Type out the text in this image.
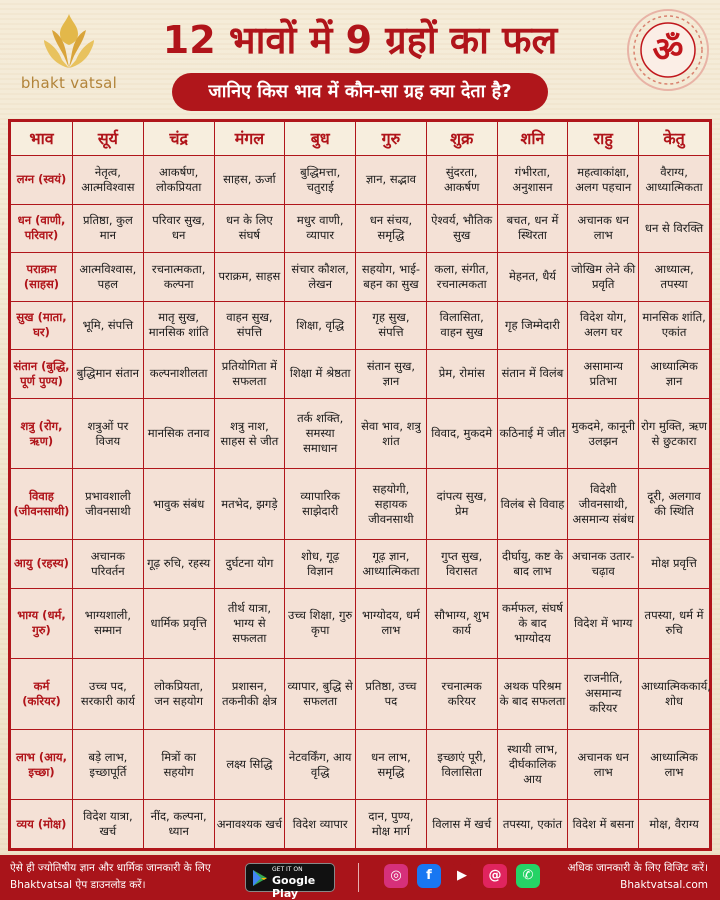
bhakt vatsal
12 भावों में 9 ग्रहों का फल
जानिए किस भाव में कौन-सा ग्रह क्या देता है?
ॐ
भाव	सूर्य	चंद्र	मंगल	बुध	गुरु	शुक्र	शनि	राहु	केतु
लग्न (स्वयं)	नेतृत्व, आत्मविश्वास	आकर्षण, लोकप्रियता	साहस, ऊर्जा	बुद्धिमत्ता, चतुराई	ज्ञान, सद्भाव	सुंदरता, आकर्षण	गंभीरता, अनुशासन	महत्वाकांक्षा, अलग पहचान	वैराग्य, आध्यात्मिकता
धन (वाणी, परिवार)	प्रतिष्ठा, कुल मान	परिवार सुख, धन	धन के लिए संघर्ष	मधुर वाणी, व्यापार	धन संचय, समृद्धि	ऐश्वर्य, भौतिक सुख	बचत, धन में स्थिरता	अचानक धन लाभ	धन से विरक्ति
पराक्रम (साहस)	आत्मविश्वास, पहल	रचनात्मकता, कल्पना	पराक्रम, साहस	संचार कौशल, लेखन	सहयोग, भाई-बहन का सुख	कला, संगीत, रचनात्मकता	मेहनत, धैर्य	जोखिम लेने की प्रवृति	आध्यात्म, तपस्या
सुख (माता, घर)	भूमि, संपत्ति	मातृ सुख, मानसिक शांति	वाहन सुख, संपत्ति	शिक्षा, वृद्धि	गृह सुख, संपत्ति	विलासिता, वाहन सुख	गृह जिम्मेदारी	विदेश योग, अलग घर	मानसिक शांति, एकांत
संतान (बुद्धि, पूर्ण पुण्य)	बुद्धिमान संतान	कल्पनाशीलता	प्रतियोगिता में सफलता	शिक्षा में श्रेष्ठता	संतान सुख, ज्ञान	प्रेम, रोमांस	संतान में विलंब	असामान्य प्रतिभा	आध्यात्मिक ज्ञान
शत्रु (रोग, ऋण)	शत्रुओं पर विजय	मानसिक तनाव	शत्रु नाश, साहस से जीत	तर्क शक्ति, समस्या समाधान	सेवा भाव, शत्रु शांत	विवाद, मुकदमे	कठिनाई में जीत	मुकदमे, कानूनी उलझन	रोग मुक्ति, ऋण से छुटकारा
विवाह (जीवनसाथी)	प्रभावशाली जीवनसाथी	भावुक संबंध	मतभेद, झगड़े	व्यापारिक साझेदारी	सहयोगी, सहायक जीवनसाथी	दांपत्य सुख, प्रेम	विलंब से विवाह	विदेशी जीवनसाथी, असमान्य संबंध	दूरी, अलगाव की स्थिति
आयु (रहस्य)	अचानक परिवर्तन	गूढ़ रुचि, रहस्य	दुर्घटना योग	शोध, गूढ़ विज्ञान	गूढ़ ज्ञान, आध्यात्मिकता	गुप्त सुख, विरासत	दीर्घायु, कष्ट के बाद लाभ	अचानक उतार-चढ़ाव	मोक्ष प्रवृत्ति
भाग्य (धर्म, गुरु)	भाग्यशाली, सम्मान	धार्मिक प्रवृत्ति	तीर्थ यात्रा, भाग्य से सफलता	उच्च शिक्षा, गुरु कृपा	भाग्योदय, धर्म लाभ	सौभाग्य, शुभ कार्य	कर्मफल, संघर्ष के बाद भाग्योदय	विदेश में भाग्य	तपस्या, धर्म में रुचि
कर्म (करियर)	उच्च पद, सरकारी कार्य	लोकप्रियता, जन सहयोग	प्रशासन, तकनीकी क्षेत्र	व्यापार, बुद्धि से सफलता	प्रतिष्ठा, उच्च पद	रचनात्मक करियर	अथक परिश्रम के बाद सफलता	राजनीति, असमान्य करियर	आध्यात्मिककार्य, शोध
लाभ (आय, इच्छा)	बड़े लाभ, इच्छापूर्ति	मित्रों का सहयोग	लक्ष्य सिद्धि	नेटवर्किंग, आय वृद्धि	धन लाभ, समृद्धि	इच्छाएं पूरी, विलासिता	स्थायी लाभ, दीर्घकालिक आय	अचानक धन लाभ	आध्यात्मिक लाभ
व्यय (मोक्ष)	विदेश यात्रा, खर्च	नींद, कल्पना, ध्यान	अनावश्यक खर्च	विदेश व्यापार	दान, पुण्य, मोक्ष मार्ग	विलास में खर्च	तपस्या, एकांत	विदेश में बसना	मोक्ष, वैराग्य
ऐसे ही ज्योतिषीय ज्ञान और धार्मिक जानकारी के लिए Bhaktvatsal ऐप डाउनलोड करें।
GET IT ON
Google Play
◎ f ▶ @ ✆	अधिक जानकारी के लिए विजिट करें। Bhaktvatsal.com
